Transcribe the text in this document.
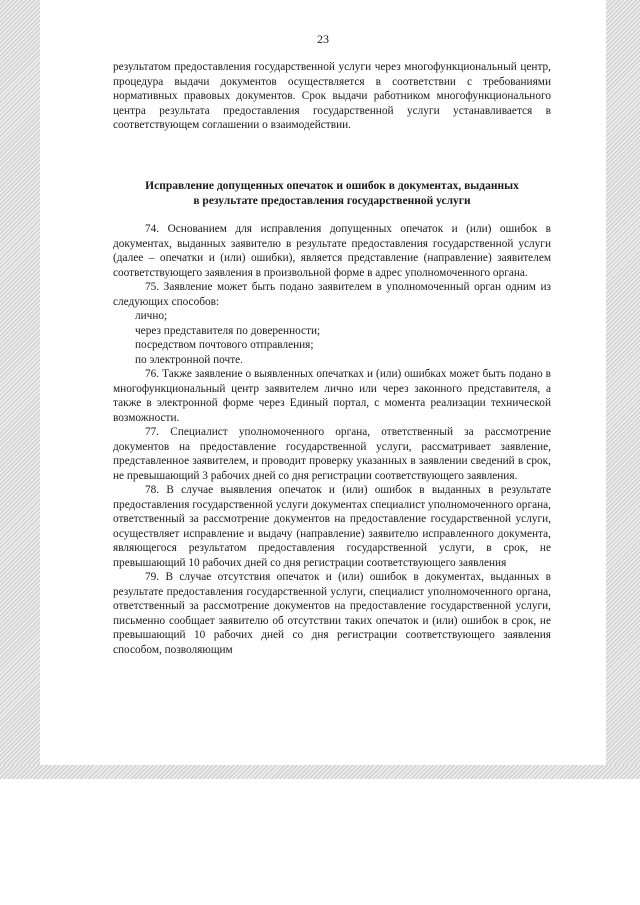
23

результатом предоставления государственной услуги через многофункциональный центр, процедура выдачи документов осуществляется в соответствии с требованиями нормативных правовых документов. Срок выдачи работником многофункционального центра результата предоставления государственной услуги устанавливается в соответствующем соглашении о взаимодействии.

Исправление допущенных опечаток и ошибок в документах, выданных
в результате предоставления государственной услуги

74. Основанием для исправления допущенных опечаток и (или) ошибок в документах, выданных заявителю в результате предоставления государственной услуги (далее – опечатки и (или) ошибки), является представление (направление) заявителем соответствующего заявления в произвольной форме в адрес уполномоченного органа.

75. Заявление может быть подано заявителем в уполномоченный орган одним из следующих способов:

лично;

через представителя по доверенности;

посредством почтового отправления;

по электронной почте.

76. Также заявление о выявленных опечатках и (или) ошибках может быть подано в многофункциональный центр заявителем лично или через законного представителя, а также в электронной форме через Единый портал, с момента реализации технической возможности.

77. Специалист уполномоченного органа, ответственный за рассмотрение документов на предоставление государственной услуги, рассматривает заявление, представленное заявителем, и проводит проверку указанных в заявлении сведений в срок, не превышающий 3 рабочих дней со дня регистрации соответствующего заявления.

78. В случае выявления опечаток и (или) ошибок в выданных в результате предоставления государственной услуги документах специалист уполномоченного органа, ответственный за рассмотрение документов на предоставление государственной услуги, осуществляет исправление и выдачу (направление) заявителю исправленного документа, являющегося результатом предоставления государственной услуги, в срок, не превышающий 10 рабочих дней со дня регистрации соответствующего заявления

79. В случае отсутствия опечаток и (или) ошибок в документах, выданных в результате предоставления государственной услуги, специалист уполномоченного органа, ответственный за рассмотрение документов на предоставление государственной услуги, письменно сообщает заявителю об отсутствии таких опечаток и (или) ошибок в срок, не превышающий 10 рабочих дней со дня регистрации соответствующего заявления способом, позволяющим
